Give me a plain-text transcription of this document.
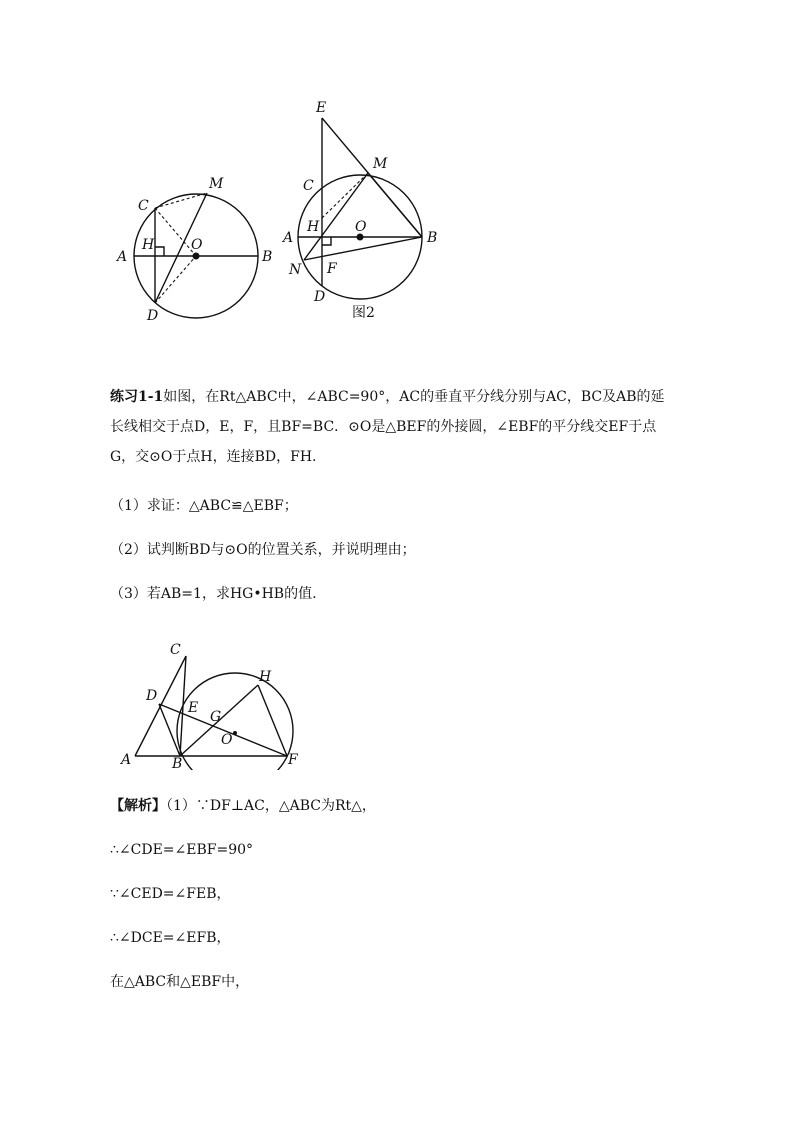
A	B
C
D
H	O
M
E
M
C
H	O
A	B
N F
D
图2

练习1-1如图，在Rt△ABC中，∠ABC=90°，AC的垂直平分线分别与AC，BC及AB的延
长线相交于点D，E，F，且BF=BC．⊙O是△BEF的外接圆，∠EBF的平分线交EF于点
G，交⊙O于点H，连接BD，FH.

（1）求证：△ABC≌△EBF；

（2）试判断BD与⊙O的位置关系，并说明理由；

（3）若AB=1，求HG•HB的值.

C
D
E
G
O
H
A	B	F

【解析】（1）∵DF⊥AC，△ABC为Rt△，

∴∠CDE=∠EBF=90°

∵∠CED=∠FEB，

∴∠DCE=∠EFB，

在△ABC和△EBF中，
